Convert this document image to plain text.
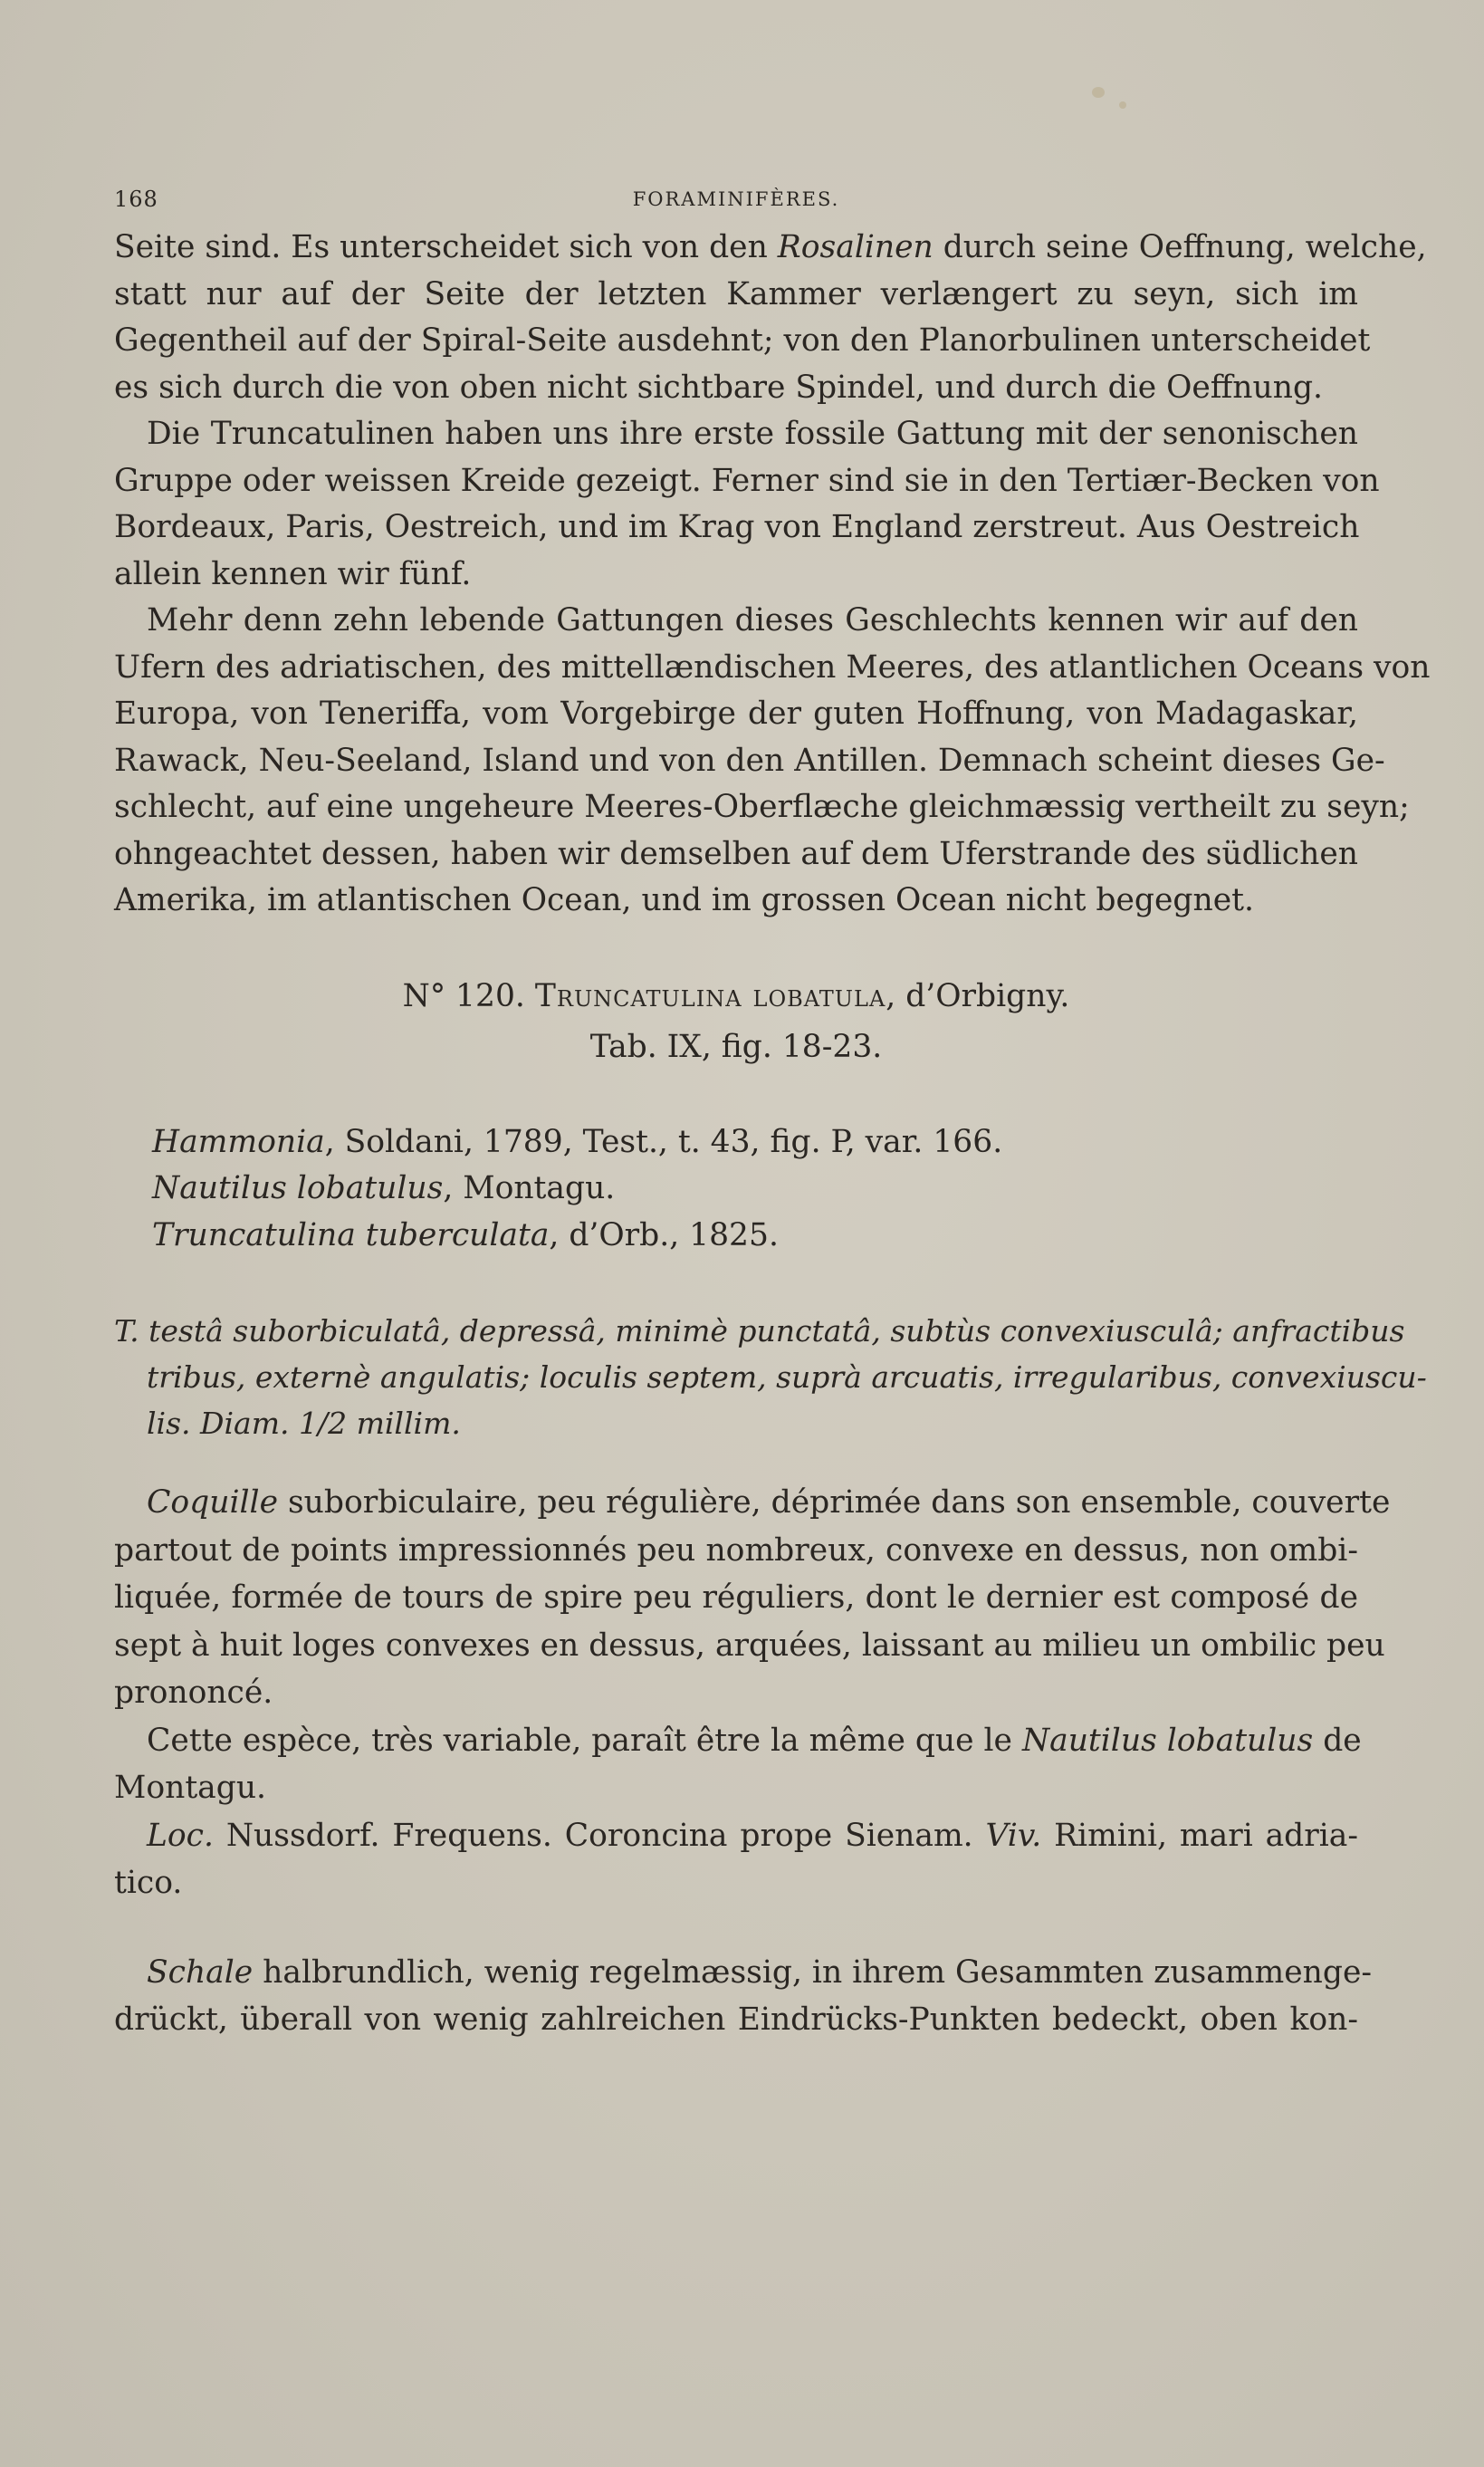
168	FORAMINIFÈRES.
Seite sind. Es unterscheidet sich von den Rosalinen durch seine Oeffnung, welche,
statt nur auf der Seite der letzten Kammer verlængert zu seyn, sich im
Gegentheil auf der Spiral-Seite ausdehnt; von den Planorbulinen unterscheidet
es sich durch die von oben nicht sichtbare Spindel, und durch die Oeffnung.
Die Truncatulinen haben uns ihre erste fossile Gattung mit der senonischen
Gruppe oder weissen Kreide gezeigt. Ferner sind sie in den Tertiær-Becken von
Bordeaux, Paris, Oestreich, und im Krag von England zerstreut. Aus Oestreich
allein kennen wir fünf.
Mehr denn zehn lebende Gattungen dieses Geschlechts kennen wir auf den
Ufern des adriatischen, des mittellændischen Meeres, des atlantlichen Oceans von
Europa, von Teneriffa, vom Vorgebirge der guten Hoffnung, von Madagaskar,
Rawack, Neu-Seeland, Island und von den Antillen. Demnach scheint dieses Ge-
schlecht, auf eine ungeheure Meeres-Oberflæche gleichmæssig vertheilt zu seyn;
ohngeachtet dessen, haben wir demselben auf dem Uferstrande des südlichen
Amerika, im atlantischen Ocean, und im grossen Ocean nicht begegnet.
N° 120. Truncatulina lobatula, d’Orbigny.
Tab. IX, fig. 18-23.
Hammonia, Soldani, 1789, Test., t. 43, fig. P, var. 166.
Nautilus lobatulus, Montagu.
Truncatulina tuberculata, d’Orb., 1825.
T. testâ suborbiculatâ, depressâ, minimè punctatâ, subtùs convexiusculâ; anfractibus
tribus, externè angulatis; loculis septem, suprà arcuatis, irregularibus, convexiuscu-
lis. Diam. 1/2 millim.
Coquille suborbiculaire, peu régulière, déprimée dans son ensemble, couverte
partout de points impressionnés peu nombreux, convexe en dessus, non ombi-
liquée, formée de tours de spire peu réguliers, dont le dernier est composé de
sept à huit loges convexes en dessus, arquées, laissant au milieu un ombilic peu
prononcé.
Cette espèce, très variable, paraît être la même que le Nautilus lobatulus de
Montagu.
Loc. Nussdorf. Frequens. Coroncina prope Sienam. Viv. Rimini, mari adria-
tico.
Schale halbrundlich, wenig regelmæssig, in ihrem Gesammten zusammenge-
drückt, überall von wenig zahlreichen Eindrücks-Punkten bedeckt, oben kon-
